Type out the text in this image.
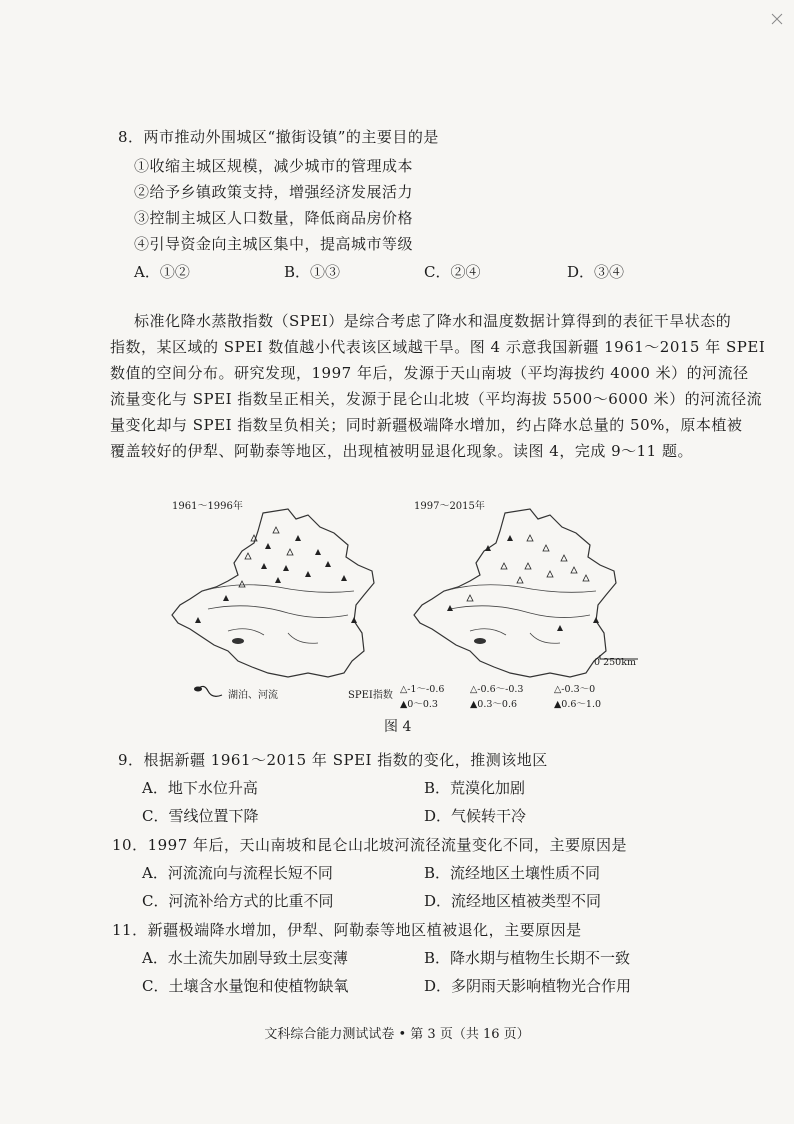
8．两市推动外围城区“撤街设镇”的主要目的是
①收缩主城区规模，减少城市的管理成本
②给予乡镇政策支持，增强经济发展活力
③控制主城区人口数量，降低商品房价格
④引导资金向主城区集中，提高城市等级
A．①②	B．①③	C．②④	D．③④
标准化降水蒸散指数（SPEI）是综合考虑了降水和温度数据计算得到的表征干旱状态的
指数，某区域的 SPEI 数值越小代表该区域越干旱。图 4 示意我国新疆 1961～2015 年 SPEI
数值的空间分布。研究发现，1997 年后，发源于天山南坡（平均海拔约 4000 米）的河流径
流量变化与 SPEI 指数呈正相关，发源于昆仑山北坡（平均海拔 5500～6000 米）的河流径流
量变化却与 SPEI 指数呈负相关；同时新疆极端降水增加，约占降水总量的 50%，原本植被
覆盖较好的伊犁、阿勒泰等地区，出现植被明显退化现象。读图 4，完成 9～11 题。
1961～1996年	1997～2015年
0 250km
湖泊、河流	SPEI指数
△-1～-0.6	△-0.6～-0.3	△-0.3～0
▲0～0.3	▲0.3～0.6	▲0.6～1.0
图 4
9．根据新疆 1961～2015 年 SPEI 指数的变化，推测该地区
A．地下水位升高	B．荒漠化加剧
C．雪线位置下降	D．气候转干冷
10．1997 年后，天山南坡和昆仑山北坡河流径流量变化不同，主要原因是
A．河流流向与流程长短不同	B．流经地区土壤性质不同
C．河流补给方式的比重不同	D．流经地区植被类型不同
11．新疆极端降水增加，伊犁、阿勒泰等地区植被退化，主要原因是
A．水土流失加剧导致土层变薄	B．降水期与植物生长期不一致
C．土壤含水量饱和使植物缺氧	D．多阴雨天影响植物光合作用
文科综合能力测试试卷 • 第 3 页（共 16 页）
